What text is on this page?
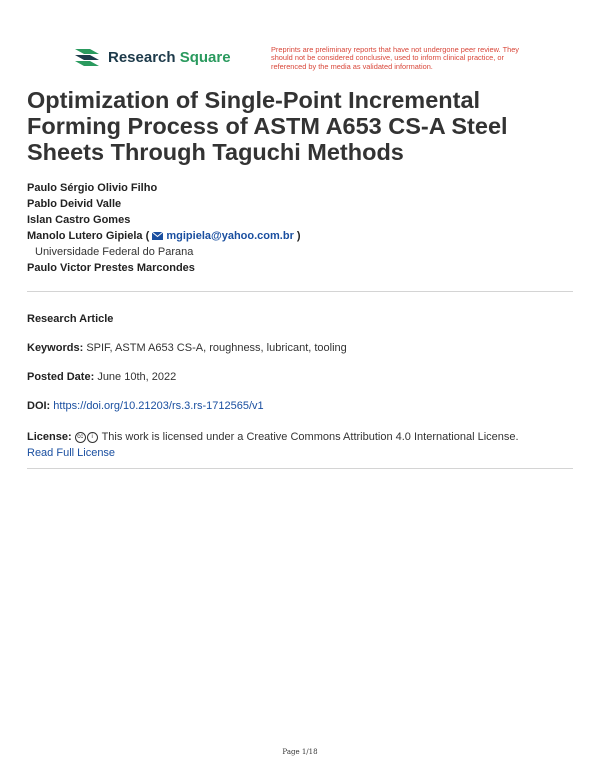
Research Square	Preprints are preliminary reports that have not undergone peer review. They should not be considered conclusive, used to inform clinical practice, or referenced by the media as validated information.
Optimization of Single-Point Incremental Forming Process of ASTM A653 CS-A Steel Sheets Through Taguchi Methods
Paulo Sérgio Olivio Filho
Pablo Deivid Valle
Islan Castro Gomes
Manolo Lutero Gipiela ( mgipiela@yahoo.com.br )
Universidade Federal do Parana
Paulo Victor Prestes Marcondes
Research Article
Keywords: SPIF, ASTM A653 CS-A, roughness, lubricant, tooling
Posted Date: June 10th, 2022
DOI: https://doi.org/10.21203/rs.3.rs-1712565/v1
License: cc i This work is licensed under a Creative Commons Attribution 4.0 International License.
Read Full License
Page 1/18
